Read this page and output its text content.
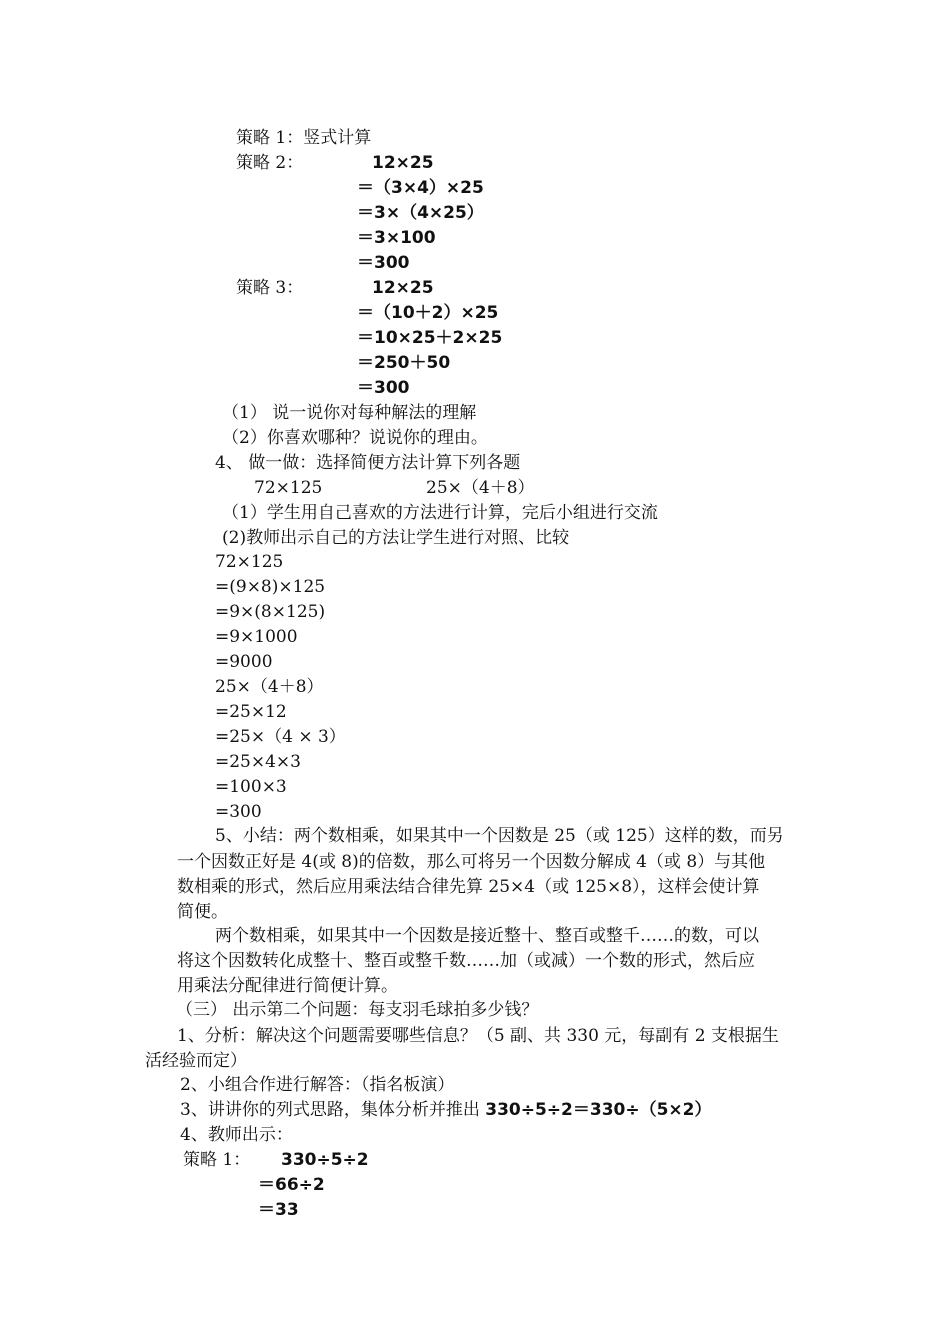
策略 1：竖式计算
策略 2：	12×25
＝（3×4）×25
＝3×（4×25）
＝3×100
＝300
策略 3：	12×25
＝（10＋2）×25
＝10×25＋2×25
＝250＋50
＝300
（1） 说一说你对每种解法的理解
（2）你喜欢哪种？说说你的理由。
4、 做一做：选择简便方法计算下列各题
72×125	25×（4＋8）
（1）学生用自己喜欢的方法进行计算，完后小组进行交流
(2)教师出示自己的方法让学生进行对照、比较
72×125
=(9×8)×125
=9×(8×125)
=9×1000
=9000
25×（4＋8）
=25×12
=25×（4 × 3）
=25×4×3
=100×3
=300
5、小结：两个数相乘，如果其中一个因数是 25（或 125）这样的数，而另
一个因数正好是 4(或 8)的倍数，那么可将另一个因数分解成 4（或 8）与其他
数相乘的形式，然后应用乘法结合律先算 25×4（或 125×8），这样会使计算
简便。
两个数相乘，如果其中一个因数是接近整十、整百或整千……的数，可以
将这个因数转化成整十、整百或整千数……加（或减）一个数的形式，然后应
用乘法分配律进行简便计算。
（三） 出示第二个问题：每支羽毛球拍多少钱？
1、分析：解决这个问题需要哪些信息？（5 副、共 330 元，每副有 2 支根据生
活经验而定）
2、小组合作进行解答：（指名板演）
3、讲讲你的列式思路，集体分析并推出 330÷5÷2＝330÷（5×2）
4、教师出示：
策略 1： 330÷5÷2
＝66÷2
＝33
